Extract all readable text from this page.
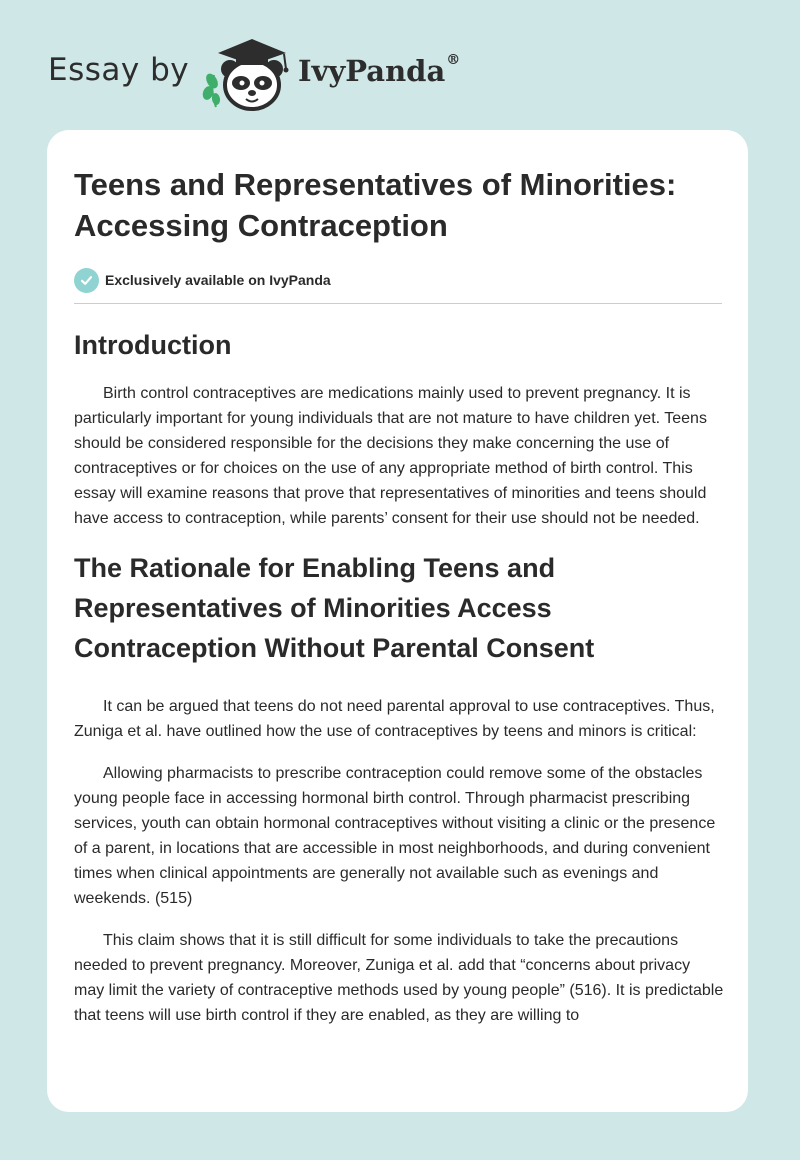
Essay by	IvyPanda®
Teens and Representatives of Minorities: Accessing Contraception
Exclusively available on IvyPanda
Introduction

Birth control contraceptives are medications mainly used to prevent pregnancy. It is particularly important for young individuals that are not mature to have children yet. Teens should be considered responsible for the decisions they make concerning the use of contraceptives or for choices on the use of any appropriate method of birth control. This essay will examine reasons that prove that representatives of minorities and teens should have access to contraception, while parents’ consent for their use should not be needed.

The Rationale for Enabling Teens and Representatives of Minorities Access Contraception Without Parental Consent

It can be argued that teens do not need parental approval to use contraceptives. Thus, Zuniga et al. have outlined how the use of contraceptives by teens and minors is critical:

Allowing pharmacists to prescribe contraception could remove some of the obstacles young people face in accessing hormonal birth control. Through pharmacist prescribing services, youth can obtain hormonal contraceptives without visiting a clinic or the presence of a parent, in locations that are accessible in most neighborhoods, and during convenient times when clinical appointments are generally not available such as evenings and weekends. (515)

This claim shows that it is still difficult for some individuals to take the precautions needed to prevent pregnancy. Moreover, Zuniga et al. add that “concerns about privacy may limit the variety of contraceptive methods used by young people” (516). It is predictable that teens will use birth control if they are enabled, as they are willing to
